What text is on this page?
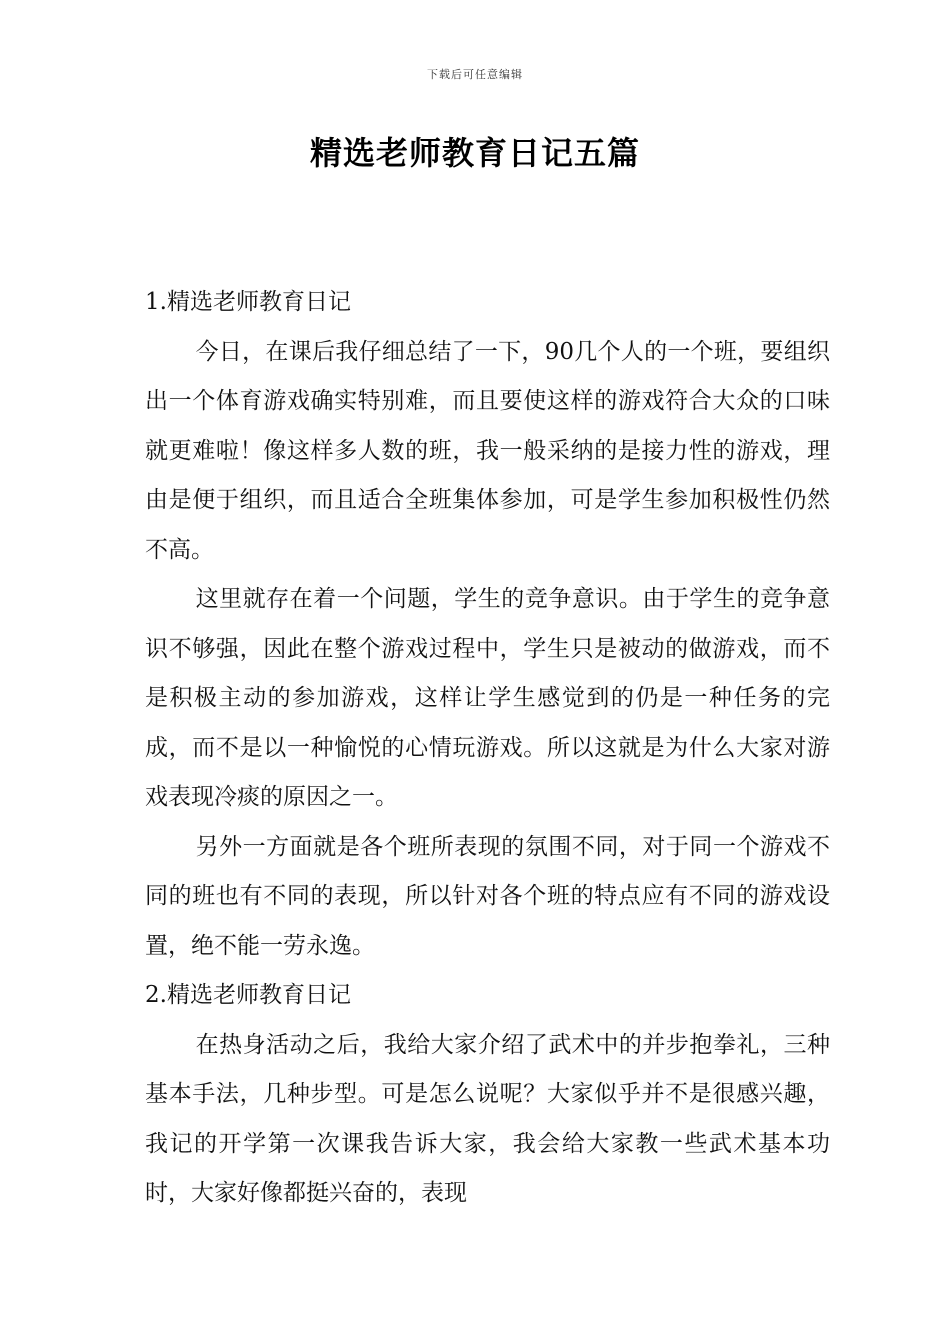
下载后可任意编辑
精选老师教育日记五篇
1.精选老师教育日记

今日，在课后我仔细总结了一下，90几个人的一个班，要组织出一个体育游戏确实特别难，而且要使这样的游戏符合大众的口味就更难啦！像这样多人数的班，我一般采纳的是接力性的游戏，理由是便于组织，而且适合全班集体参加，可是学生参加积极性仍然不高。

这里就存在着一个问题，学生的竞争意识。由于学生的竞争意识不够强，因此在整个游戏过程中，学生只是被动的做游戏，而不是积极主动的参加游戏，这样让学生感觉到的仍是一种任务的完成，而不是以一种愉悦的心情玩游戏。所以这就是为什么大家对游戏表现冷痰的原因之一。

另外一方面就是各个班所表现的氛围不同，对于同一个游戏不同的班也有不同的表现，所以针对各个班的特点应有不同的游戏设置，绝不能一劳永逸。

2.精选老师教育日记

在热身活动之后，我给大家介绍了武术中的并步抱拳礼，三种基本手法，几种步型。可是怎么说呢？大家似乎并不是很感兴趣，我记的开学第一次课我告诉大家，我会给大家教一些武术基本功时，大家好像都挺兴奋的，表现
